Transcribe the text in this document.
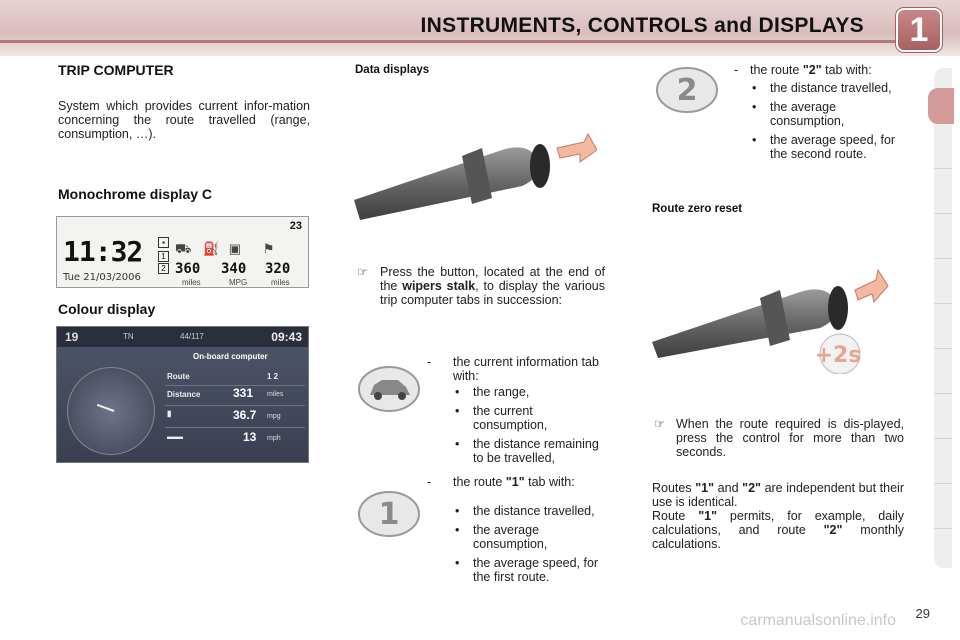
INSTRUMENTS, CONTROLS and DISPLAYS	1
TRIP COMPUTER
System which provides current infor-mation concerning the route travelled (range, consumption, …).
Monochrome display C
11:32
Tue 21/03/2006
23
▪
1
2
⛟ ⛽ ▣ ⚑
360 340 320
miles	MPG	miles
Colour display
19	TN	44/117	09:43
On-board computer
Route	1 2
Distance	331 miles
▮	36.7 mpg
▬▬	13 mph
Data displays
☞ Press the button, located at the end of the wipers stalk, to display the various trip computer tabs in succession:
- the current information tab with:
• the range,
• the current consumption,
• the distance remaining to be travelled,
- the route "1" tab with:
1
•	the distance travelled,
• the average consumption,
• the average speed, for the first route.
2
- the route "2" tab with:
• the distance travelled,
• the average consumption,
• the average speed, for the second route.
Route zero reset
+2s
☞ When the route required is dis-played, press the control for more than two seconds.
Routes "1" and "2" are independent but their use is identical.
Route "1" permits, for example, daily calculations, and route "2" monthly calculations.
29
carmanualsonline.info
